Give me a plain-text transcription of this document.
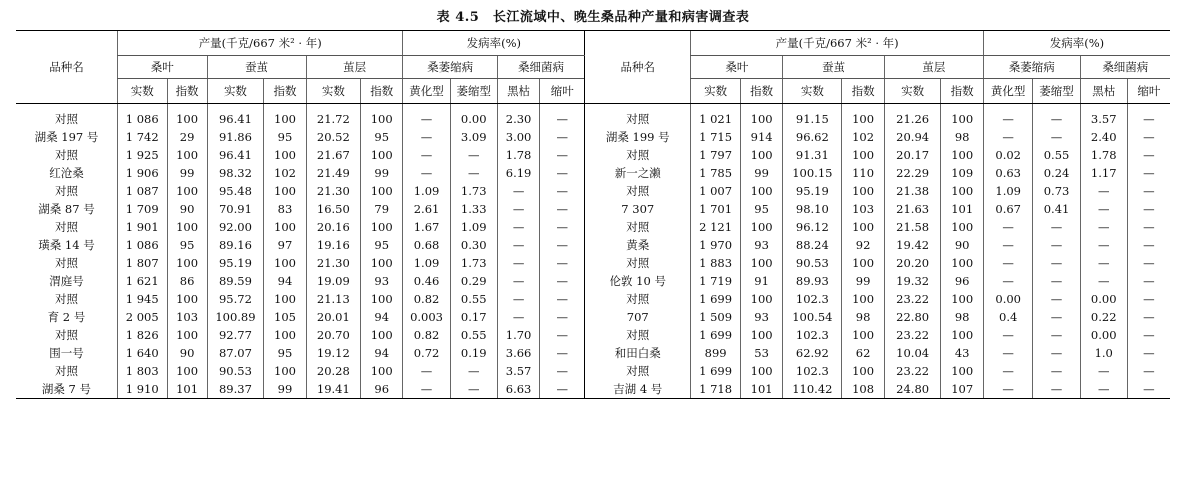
表 4.5　长江流域中、晚生桑品种产量和病害调查表
品种名	产量(千克/667 米² · 年)						发病率(%)				品种名	产量(千克/667 米² · 年)						发病率(%)			
	桑叶		蚕茧		茧层		桑萎缩病		桑细菌病			桑叶		蚕茧		茧层		桑萎缩病		桑细菌病	
	实数	指数	实数	指数	实数	指数	黄化型	萎缩型	黑枯	缩叶		实数	指数	实数	指数	实数	指数	黄化型	萎缩型	黑枯	缩叶
对照	1 086	100	96.41	100	21.72	100	—	0.00	2.30	—	对照	1 021	100	91.15	100	21.26	100	—	—	3.57	—
湖桑 197 号	1 742	29	91.86	95	20.52	95	—	3.09	3.00	—	湖桑 199 号	1 715	914	96.62	102	20.94	98	—	—	2.40	—
对照	1 925	100	96.41	100	21.67	100	—	—	1.78	—	对照	1 797	100	91.31	100	20.17	100	0.02	0.55	1.78	—
红沧桑	1 906	99	98.32	102	21.49	99	—	—	6.19	—	新一之濑	1 785	99	100.15	110	22.29	109	0.63	0.24	1.17	—
对照	1 087	100	95.48	100	21.30	100	1.09	1.73	—	—	对照	1 007	100	95.19	100	21.38	100	1.09	0.73	—	—
湖桑 87 号	1 709	90	70.91	83	16.50	79	2.61	1.33	—	—	7 307	1 701	95	98.10	103	21.63	101	0.67	0.41	—	—
对照	1 901	100	92.00	100	20.16	100	1.67	1.09	—	—	对照	2 121	100	96.12	100	21.58	100	—	—	—	—
璜桑 14 号	1 086	95	89.16	97	19.16	95	0.68	0.30	—	—	黄桑	1 970	93	88.24	92	19.42	90	—	—	—	—
对照	1 807	100	95.19	100	21.30	100	1.09	1.73	—	—	对照	1 883	100	90.53	100	20.20	100	—	—	—	—
渭庭号	1 621	86	89.59	94	19.09	93	0.46	0.29	—	—	伦敦 10 号	1 719	91	89.93	99	19.32	96	—	—	—	—
对照	1 945	100	95.72	100	21.13	100	0.82	0.55	—	—	对照	1 699	100	102.3	100	23.22	100	0.00	—	0.00	—
育 2 号	2 005	103	100.89	105	20.01	94	0.003	0.17	—	—	707	1 509	93	100.54	98	22.80	98	0.4	—	0.22	—
对照	1 826	100	92.77	100	20.70	100	0.82	0.55	1.70	—	对照	1 699	100	102.3	100	23.22	100	—	—	0.00	—
围一号	1 640	90	87.07	95	19.12	94	0.72	0.19	3.66	—	和田白桑	899	53	62.92	62	10.04	43	—	—	1.0	—
对照	1 803	100	90.53	100	20.28	100	—	—	3.57	—	对照	1 699	100	102.3	100	23.22	100	—	—	—	—
湖桑 7 号	1 910	101	89.37	99	19.41	96	—	—	6.63	—	吉湖 4 号	1 718	101	110.42	108	24.80	107	—	—	—	—
